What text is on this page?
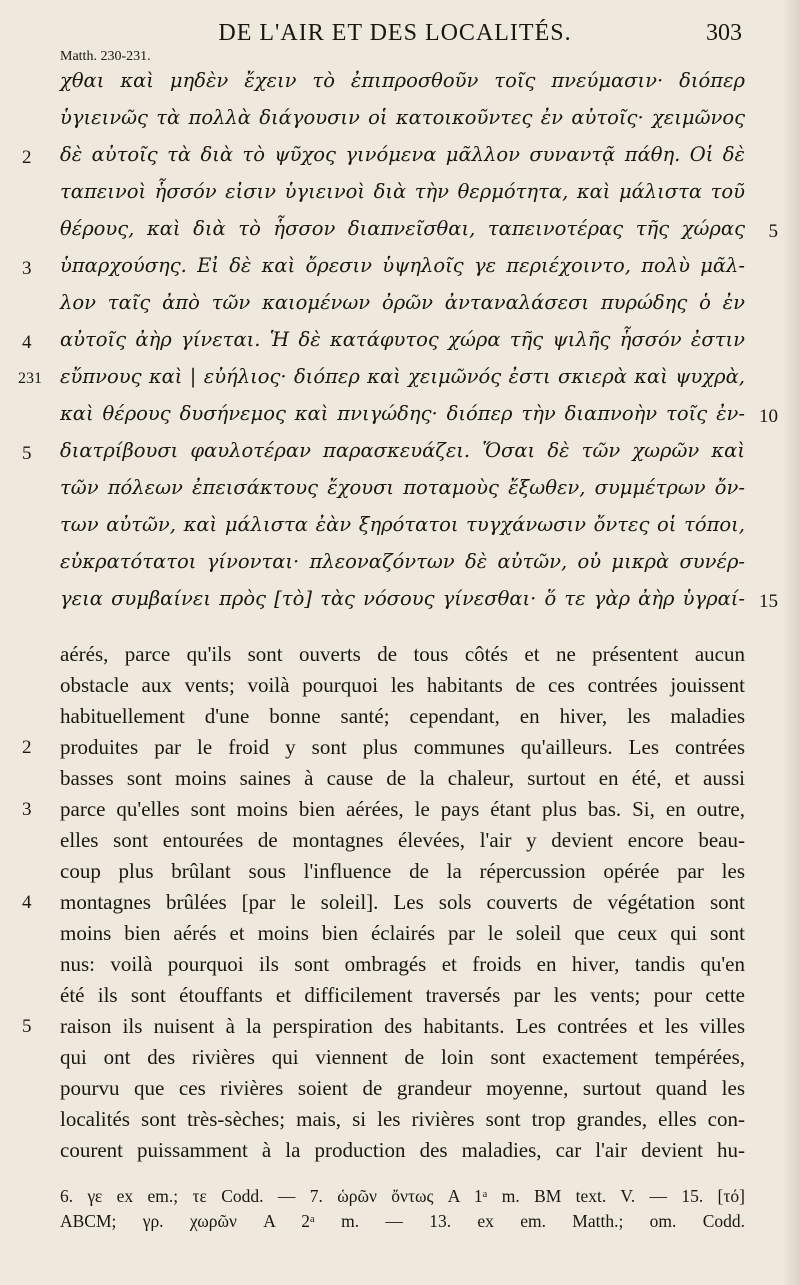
DE L'AIR ET DES LOCALITÉS.	303
Matth. 230-231.
χθαι καὶ μηδὲν ἔχειν τὸ ἐπιπροσθοῦν τοῖς πνεύμασιν· διόπερ
ὑγιεινῶς τὰ πολλὰ διάγουσιν οἱ κατοικοῦντες ἐν αὐτοῖς· χειμῶνος
δὲ αὐτοῖς τὰ διὰ τὸ ψῦχος γινόμενα μᾶλλον συναντᾷ πάθη. Οἱ δὲ
ταπεινοὶ ἧσσόν εἰσιν ὑγιεινοὶ διὰ τὴν θερμότητα, καὶ μάλιστα τοῦ
θέρους, καὶ διὰ τὸ ἧσσον διαπνεῖσθαι, ταπεινοτέρας τῆς χώρας
ὑπαρχούσης. Εἰ δὲ καὶ ὄρεσιν ὑψηλοῖς γε περιέχοιντο, πολὺ μᾶλ-
λον ταῖς ἀπὸ τῶν καιομένων ὀρῶν ἀνταναλάσεσι πυρώδης ὁ ἐν
αὐτοῖς ἀὴρ γίνεται. Ἡ δὲ κατάφυτος χώρα τῆς ψιλῆς ἧσσόν ἐστιν
εὔπνους καὶ | εὐήλιος· διόπερ καὶ χειμῶνός ἐστι σκιερὰ καὶ ψυχρὰ,
καὶ θέρους δυσήνεμος καὶ πνιγώδης· διόπερ τὴν διαπνοὴν τοῖς ἐν-
διατρίβουσι φαυλοτέραν παρασκευάζει. Ὅσαι δὲ τῶν χωρῶν καὶ
τῶν πόλεων ἐπεισάκτους ἔχουσι ποταμοὺς ἔξωθεν, συμμέτρων ὄν-
των αὐτῶν, καὶ μάλιστα ἐὰν ξηρότατοι τυγχάνωσιν ὄντες οἱ τόποι,
εὐκρατότατοι γίνονται· πλεοναζόντων δὲ αὐτῶν, οὐ μικρὰ συνέρ-
γεια συμβαίνει πρὸς [τὸ] τὰς νόσους γίνεσθαι· ὅ τε γὰρ ἀὴρ ὑγραί-
2
3
4
231
5
5
10
15
aérés, parce qu'ils sont ouverts de tous côtés et ne présentent aucun
obstacle aux vents; voilà pourquoi les habitants de ces contrées jouissent
habituellement d'une bonne santé; cependant, en hiver, les maladies
produites par le froid y sont plus communes qu'ailleurs. Les contrées
basses sont moins saines à cause de la chaleur, surtout en été, et aussi
parce qu'elles sont moins bien aérées, le pays étant plus bas. Si, en outre,
elles sont entourées de montagnes élevées, l'air y devient encore beau-
coup plus brûlant sous l'influence de la répercussion opérée par les
montagnes brûlées [par le soleil]. Les sols couverts de végétation sont
moins bien aérés et moins bien éclairés par le soleil que ceux qui sont
nus: voilà pourquoi ils sont ombragés et froids en hiver, tandis qu'en
été ils sont étouffants et difficilement traversés par les vents; pour cette
raison ils nuisent à la perspiration des habitants. Les contrées et les villes
qui ont des rivières qui viennent de loin sont exactement tempérées,
pourvu que ces rivières soient de grandeur moyenne, surtout quand les
localités sont très-sèches; mais, si les rivières sont trop grandes, elles con-
courent puissamment à la production des maladies, car l'air devient hu-
2
3
4
5
6. γε ex em.; τε Codd. — 7. ὡρῶν ὄντως A 1ᵃ m. BM text. V. — 15. [τό]
ABCM; γρ. χωρῶν A 2ᵃ m. — 13. ex em. Matth.; om. Codd.
